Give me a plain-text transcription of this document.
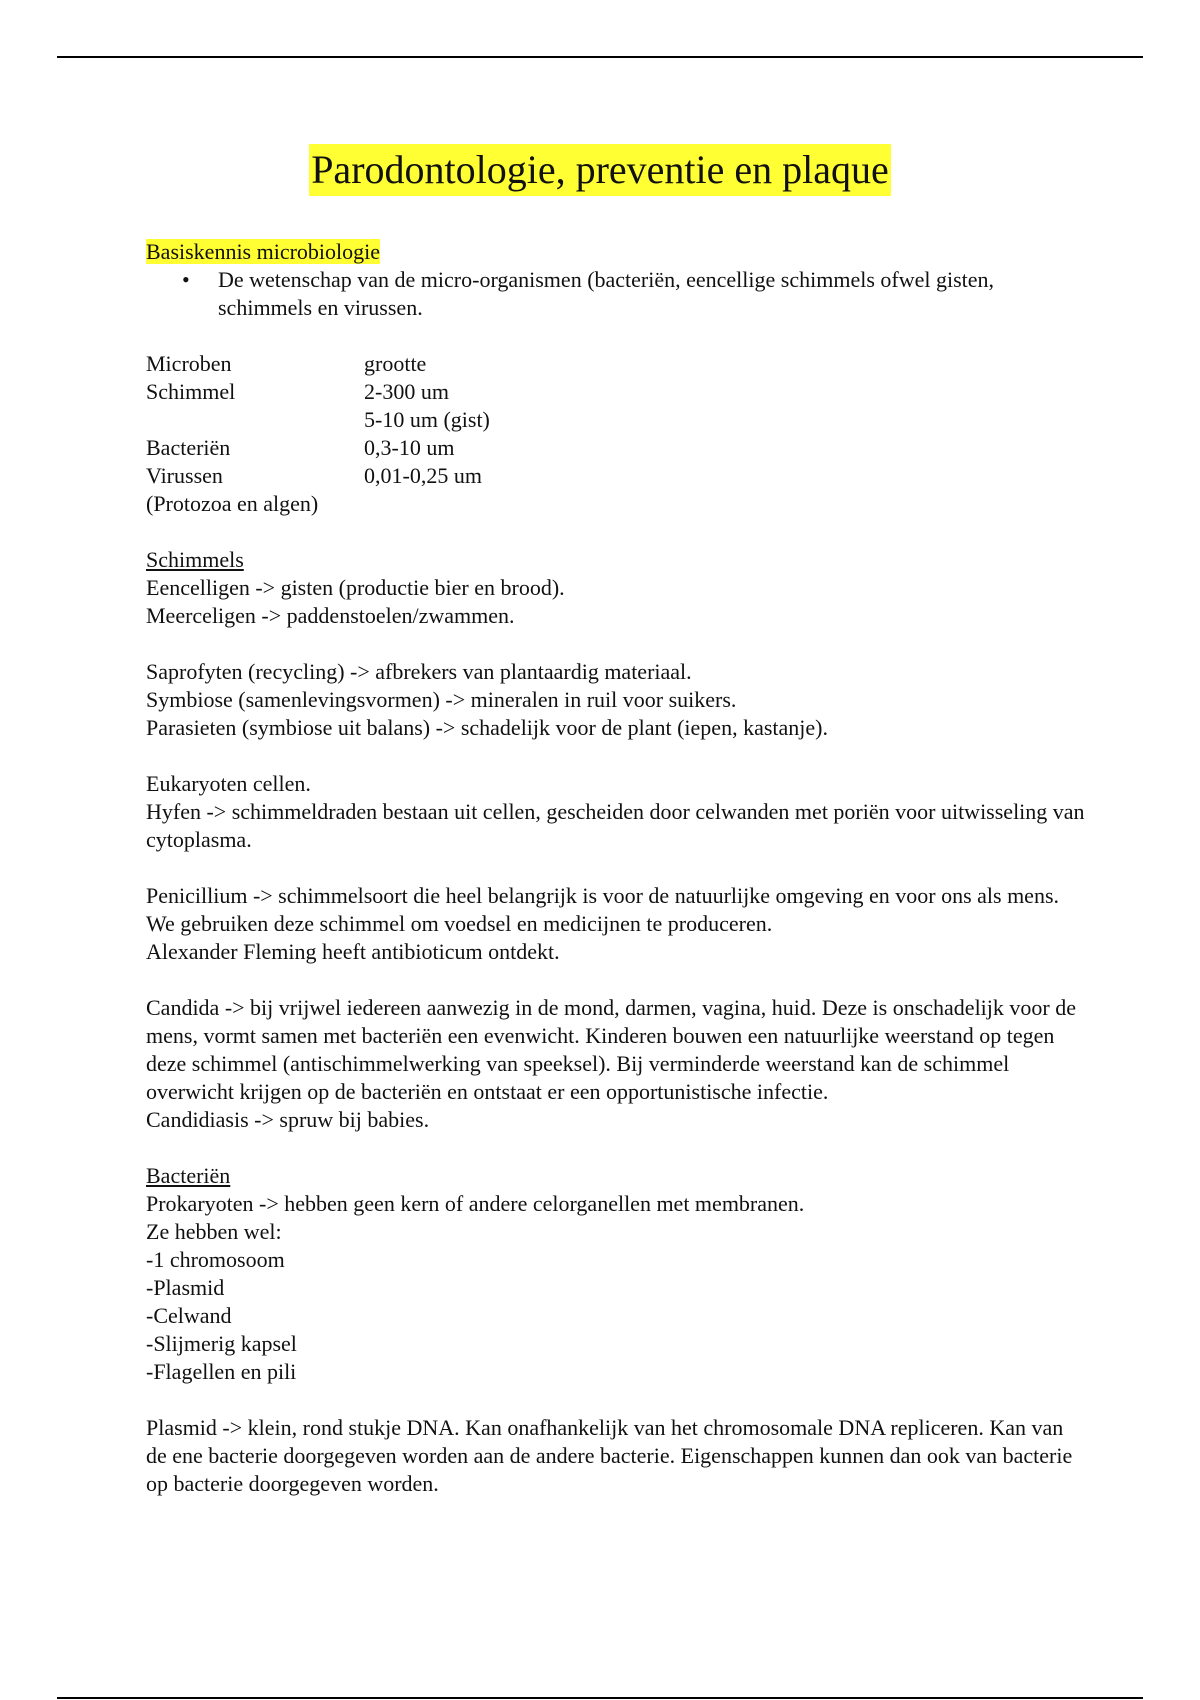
Parodontologie, preventie en plaque

Basiskennis microbiologie

• De wetenschap van de micro-organismen (bacteriën, eencellige schimmels ofwel gisten, schimmels en virussen.
Microben	grootte
Schimmel	2-300 um
	5-10 um (gist)
Bacteriën	0,3-10 um
Virussen	0,01-0,25 um
(Protozoa en algen)	

Schimmels

Eencelligen -> gisten (productie bier en brood).

Meerceligen -> paddenstoelen/zwammen.

Saprofyten (recycling) -> afbrekers van plantaardig materiaal.

Symbiose (samenlevingsvormen) -> mineralen in ruil voor suikers.

Parasieten (symbiose uit balans) -> schadelijk voor de plant (iepen, kastanje).

Eukaryoten cellen.

Hyfen -> schimmeldraden bestaan uit cellen, gescheiden door celwanden met poriën voor uitwisseling van cytoplasma.

Penicillium -> schimmelsoort die heel belangrijk is voor de natuurlijke omgeving en voor ons als mens. We gebruiken deze schimmel om voedsel en medicijnen te produceren.

Alexander Fleming heeft antibioticum ontdekt.

Candida -> bij vrijwel iedereen aanwezig in de mond, darmen, vagina, huid. Deze is onschadelijk voor de mens, vormt samen met bacteriën een evenwicht. Kinderen bouwen een natuurlijke weerstand op tegen deze schimmel (antischimmelwerking van speeksel). Bij verminderde weerstand kan de schimmel overwicht krijgen op de bacteriën en ontstaat er een opportunistische infectie.

Candidiasis -> spruw bij babies.

Bacteriën

Prokaryoten -> hebben geen kern of andere celorganellen met membranen.

Ze hebben wel:

-1 chromosoom

-Plasmid

-Celwand

-Slijmerig kapsel

-Flagellen en pili

Plasmid -> klein, rond stukje DNA. Kan onafhankelijk van het chromosomale DNA repliceren. Kan van de ene bacterie doorgegeven worden aan de andere bacterie. Eigenschappen kunnen dan ook van bacterie op bacterie doorgegeven worden.
